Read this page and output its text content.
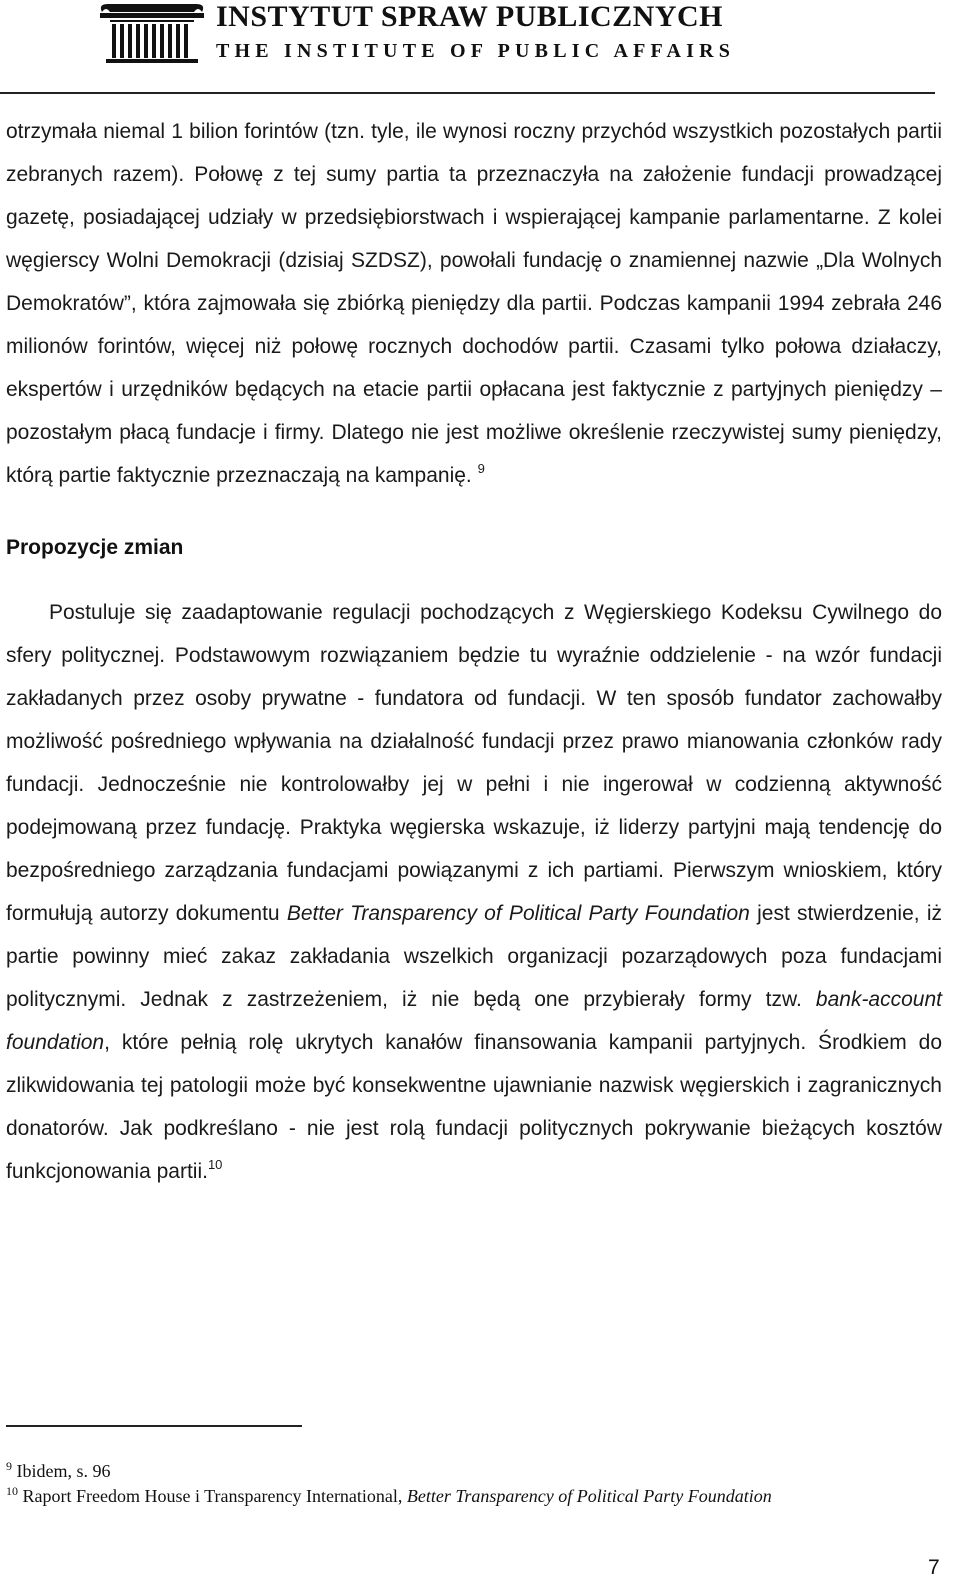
INSTYTUT SPRAW PUBLICZNYCH
THE INSTITUTE OF PUBLIC AFFAIRS

otrzymała niemal 1 bilion forintów (tzn. tyle, ile wynosi roczny przychód wszystkich pozostałych partii zebranych razem). Połowę z tej sumy partia ta przeznaczyła na założenie fundacji prowadzącej gazetę, posiadającej udziały w przedsiębiorstwach i wspierającej kampanie parlamentarne. Z kolei węgierscy Wolni Demokracji (dzisiaj SZDSZ), powołali fundację o znamiennej nazwie „Dla Wolnych Demokratów”, która zajmowała się zbiórką pieniędzy dla partii. Podczas kampanii 1994 zebrała 246 milionów forintów, więcej niż połowę rocznych dochodów partii. Czasami tylko połowa działaczy, ekspertów i urzędników będących na etacie partii opłacana jest faktycznie z partyjnych pieniędzy – pozostałym płacą fundacje i firmy. Dlatego nie jest możliwe określenie rzeczywistej sumy pieniędzy, którą partie faktycznie przeznaczają na kampanię. $^9$

Propozycje zmian

Postuluje się zaadaptowanie regulacji pochodzących z Węgierskiego Kodeksu Cywilnego do sfery politycznej. Podstawowym rozwiązaniem będzie tu wyraźnie oddzielenie - na wzór fundacji zakładanych przez osoby prywatne - fundatora od fundacji. W ten sposób fundator zachowałby możliwość pośredniego wpływania na działalność fundacji przez prawo mianowania członków rady fundacji. Jednocześnie nie kontrolowałby jej w pełni i nie ingerował w codzienną aktywność podejmowaną przez fundację. Praktyka węgierska wskazuje, iż liderzy partyjni mają tendencję do bezpośredniego zarządzania fundacjami powiązanymi z ich partiami. Pierwszym wnioskiem, który formułują autorzy dokumentu Better Transparency of Political Party Foundation jest stwierdzenie, iż partie powinny mieć zakaz zakładania wszelkich organizacji pozarządowych poza fundacjami politycznymi. Jednak z zastrzeżeniem, iż nie będą one przybierały formy tzw. bank-account foundation, które pełnią rolę ukrytych kanałów finansowania kampanii partyjnych. Środkiem do zlikwidowania tej patologii może być konsekwentne ujawnianie nazwisk węgierskich i zagranicznych donatorów. Jak podkreślano - nie jest rolą fundacji politycznych pokrywanie bieżących kosztów funkcjonowania partii.$^{10}$

$^9$ Ibidem, s. 96
$^{10}$ Raport Freedom House i Transparency International, Better Transparency of Political Party Foundation
7
